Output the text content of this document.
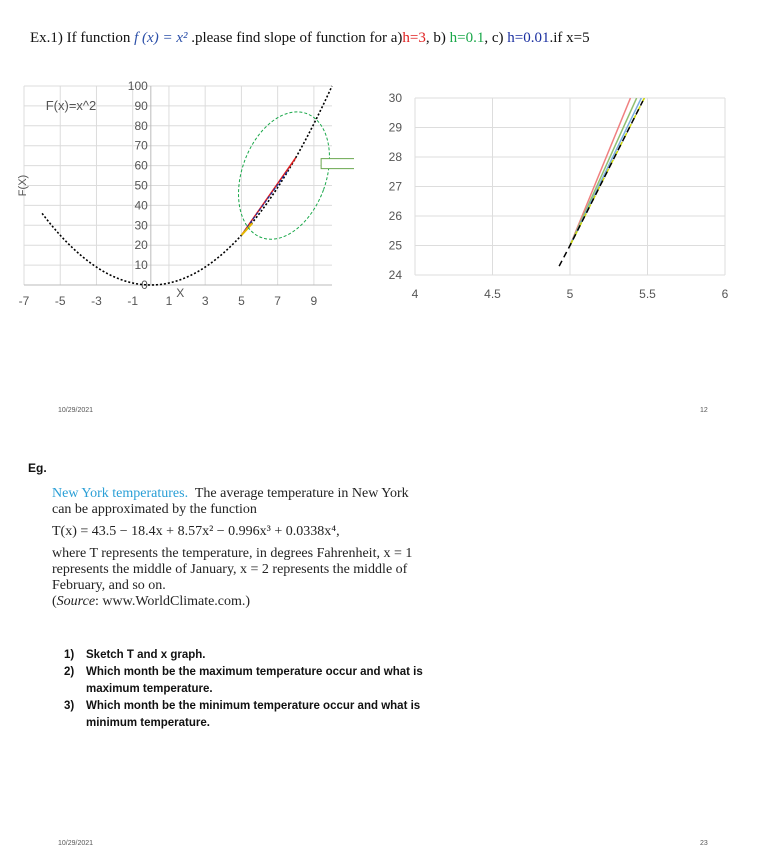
Ex.1) If function f (x) = x² .please find slope of function for a)h=3, b) h=0.1, c) h=0.01.if x=5
0
10
20
30
40
50
60
70
80
90
100
-7 -5 -3 -1 1 3 5 7 9
X
F(X)
F(x)=x^2
24
25
26
27
28
29
30
4	4.5	5	5.5	6
10/29/2021	12
Eg.

New York temperatures. The average temperature in New York can be approximated by the function

T(x) = 43.5 − 18.4x + 8.57x² − 0.996x³ + 0.0338x⁴,

where T represents the temperature, in degrees Fahrenheit, x = 1 represents the middle of January, x = 2 represents the middle of February, and so on.
(Source: www.WorldClimate.com.)

1)	Sketch T and x graph.
2)	Which month be the maximum temperature occur and what is maximum temperature.
3)	Which month be the minimum temperature occur and what is minimum temperature.
10/29/2021	23
